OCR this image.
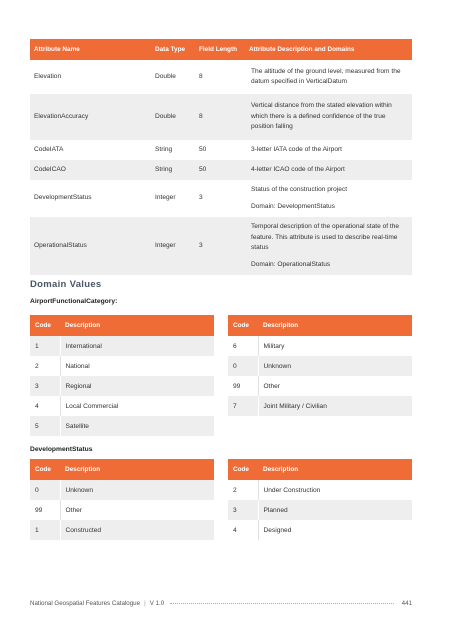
Attribute Name	Data Type	Field Length	Attribute Description and Domains
Elevation	Double	8	The altitude of the ground level, measured from the datum specified in VerticalDatum
ElevationAccuracy	Double	8	Vertical distance from the stated elevation within which there is a defined confidence of the true position falling
CodeIATA	String	50	3-letter IATA code of the Airport
CodeICAO	String	50	4-letter ICAO code of the Airport
DevelopmentStatus	Integer	3	Status of the construction project
Domain: DevelopmentStatus

OperationalStatus	Integer	3	Temporal description of the operational state of the feature. This attribute is used to describe real-time status
Domain: OperationalStatus
Domain Values
AirportFunctionalCategory:
Code	Description
1	International
2	National
3	Regional
4	Local Commercial
5	Satellite
Code	Descripiton
6	Military
0	Unknown
99	Other
7	Joint Military / Civilian
DevelopmentStatus
Code	Description
0	Unknown
99	Other
1	Constructed
Code	Description
2	Under Construction
3	Planned
4	Designed
National Geospatial Features Catalogue | V 1.0	441
